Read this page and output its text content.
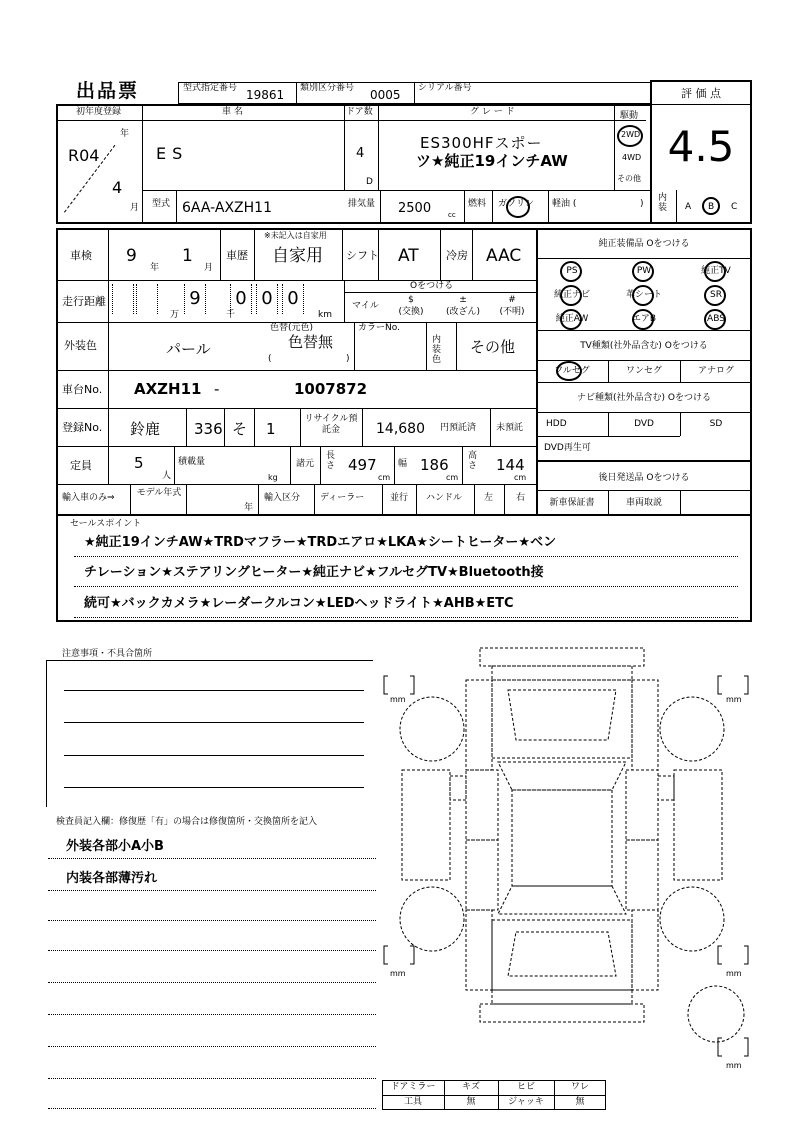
出品票	型式指定番号 19861 類別区分番号 0005 シリアル番号	評 価 点
4.5
初年度登録
年
R04
4
月
車 名
ES
ドア数
4
D
グ レ ー ド
ES300HFスポー
ツ★純正19インチAW
駆動
2WD
4WD
その他
型式 6AA-AXZH11	排気量 2500 cc
燃料 ガソリン 軽油 (	)
内装 A B C
車検 9
年
1
月
車歴
※未記入は自家用
自家用 シフト AT 冷房 AAC
走行距離	9 0 0 0
万	千	km
Oをつける
マイル
$
(交換)
±
(改ざん)
#
(不明)
外装色	パール
色替(元色)
色替無
(	)
カラーNo.
内装色
その他
車台No. AXZH11 -	1007872
登録No. 鈴鹿 336 そ 1
リサイクル預託金	14,680 円預託済 未預託
定員	5
人
積載量
kg
諸元
長さ 497
cm
幅 186
cm
高さ 144
cm
輸入車のみ⇒	モデル年式
年
輸入区分 ディーラー	並行 ハンドル 左	右
純正装備品 Oをつける
PS	PW	純正TV
純正ナビ	革シート	SR
純正AW	エアB	ABS
TV種類(社外品含む) Oをつける
フルセグ	ワンセグ	アナログ
ナビ種類(社外品含む) Oをつける
HDD	DVD	SD
DVD再生可
後日発送品 Oをつける
新車保証書	車両取説
セールスポイント
★純正19インチAW★TRDマフラー★TRDエアロ★LKA★シートヒーター★ベン
チレーション★ステアリングヒーター★純正ナビ★フルセグTV★Bluetooth接
続可★バックカメラ★レーダークルコン★LEDヘッドライト★AHB★ETC
注意事項・不具合箇所
検査員記入欄：修復歴「有」の場合は修復箇所・交換箇所を記入
外装各部小A小B
内装各部薄汚れ
mm	mm
mm	mm
mm
ドアミラー	キズ	ヒビ	ワレ
工具	無	ジャッキ	無
